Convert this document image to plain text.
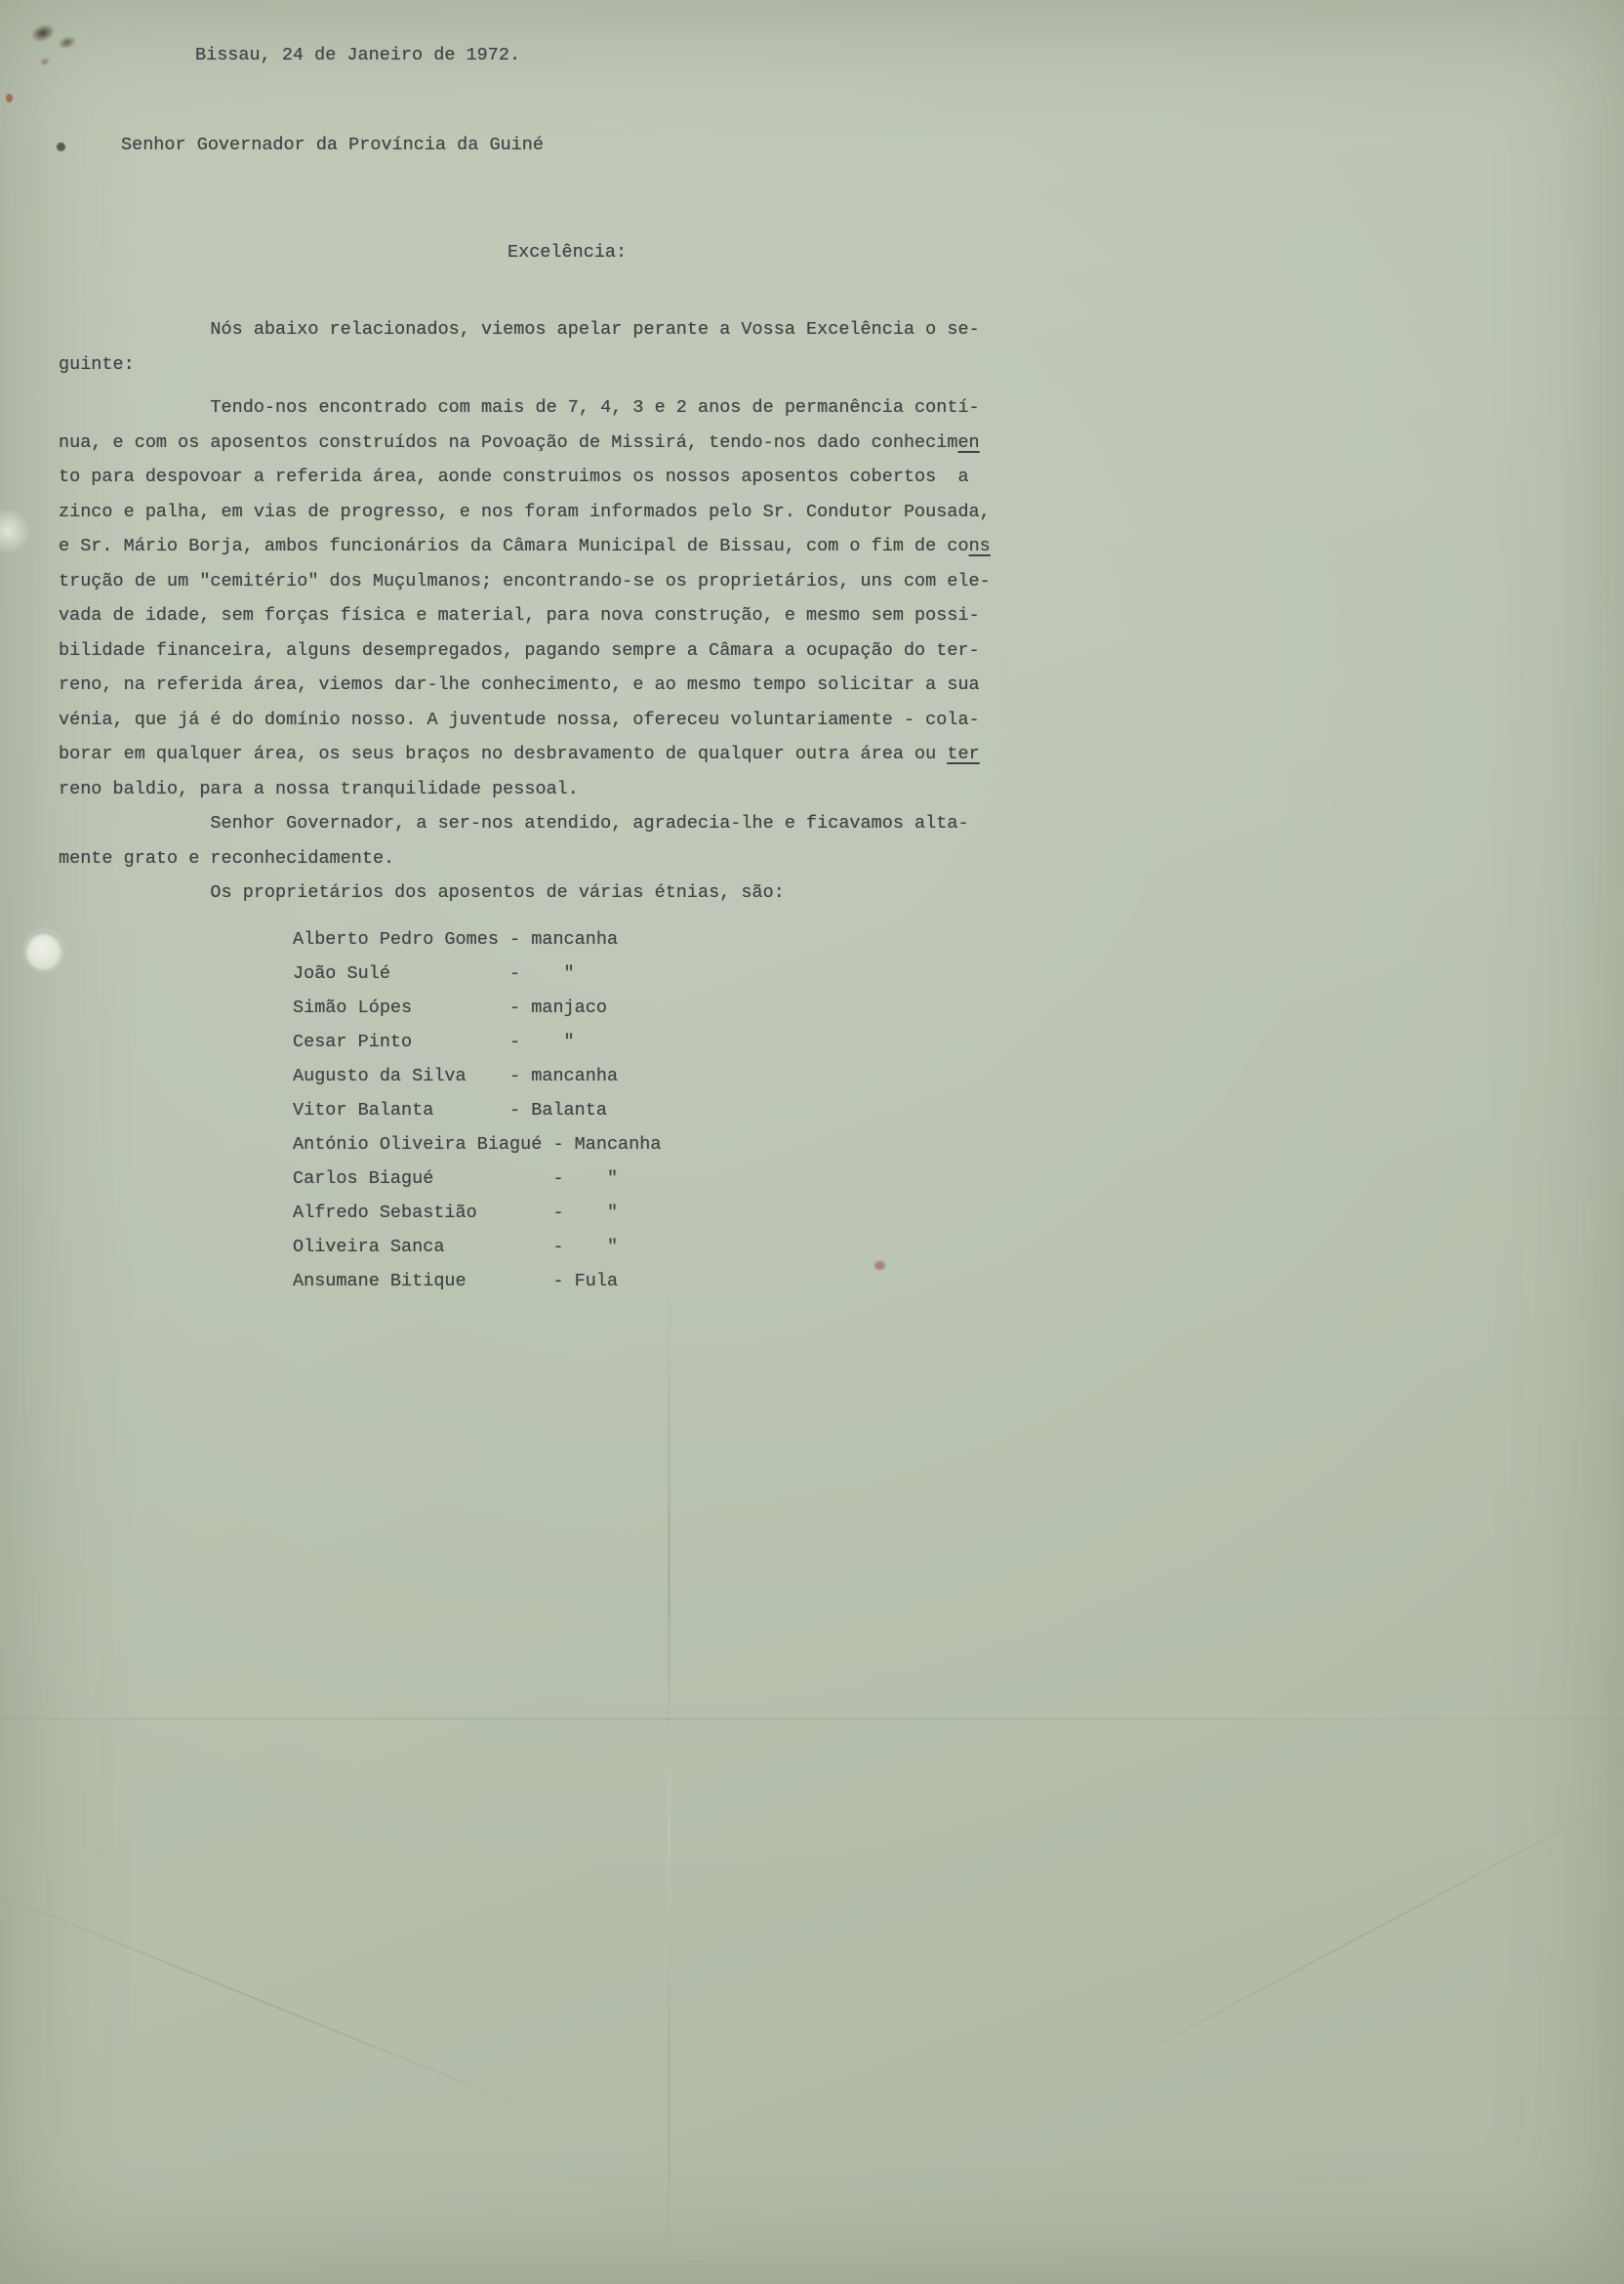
Bissau, 24 de Janeiro de 1972.
Senhor Governador da Província da Guiné
Excelência:
Nós abaixo relacionados, viemos apelar perante a Vossa Excelência o se-
guinte:
Tendo-nos encontrado com mais de 7, 4, 3 e 2 anos de permanência contí-
nua, e com os aposentos construídos na Povoação de Missirá, tendo-nos dado conhecimen
to para despovoar a referida área, aonde construimos os nossos aposentos cobertos  a
zinco e palha, em vias de progresso, e nos foram informados pelo Sr. Condutor Pousada,
e Sr. Mário Borja, ambos funcionários da Câmara Municipal de Bissau, com o fim de cons
trução de um "cemitério" dos Muçulmanos; encontrando-se os proprietários, uns com ele-
vada de idade, sem forças física e material, para nova construção, e mesmo sem possi-
bilidade financeira, alguns desempregados, pagando sempre a Câmara a ocupação do ter-
reno, na referida área, viemos dar-lhe conhecimento, e ao mesmo tempo solicitar a sua
vénia, que já é do domínio nosso. A juventude nossa, ofereceu voluntariamente - cola-
borar em qualquer área, os seus braços no desbravamento de qualquer outra área ou ter
reno baldio, para a nossa tranquilidade pessoal.
Senhor Governador, a ser-nos atendido, agradecia-lhe e ficavamos alta-
mente grato e reconhecidamente.
Os proprietários dos aposentos de várias étnias, são:
Alberto Pedro Gomes - mancanha
João Sulé           -    "
Simão Lópes         - manjaco
Cesar Pinto         -    "
Augusto da Silva    - mancanha
Vitor Balanta       - Balanta
António Oliveira Biagué - Mancanha
Carlos Biagué           -    "
Alfredo Sebastião       -    "
Oliveira Sanca          -    "
Ansumane Bitique        - Fula
